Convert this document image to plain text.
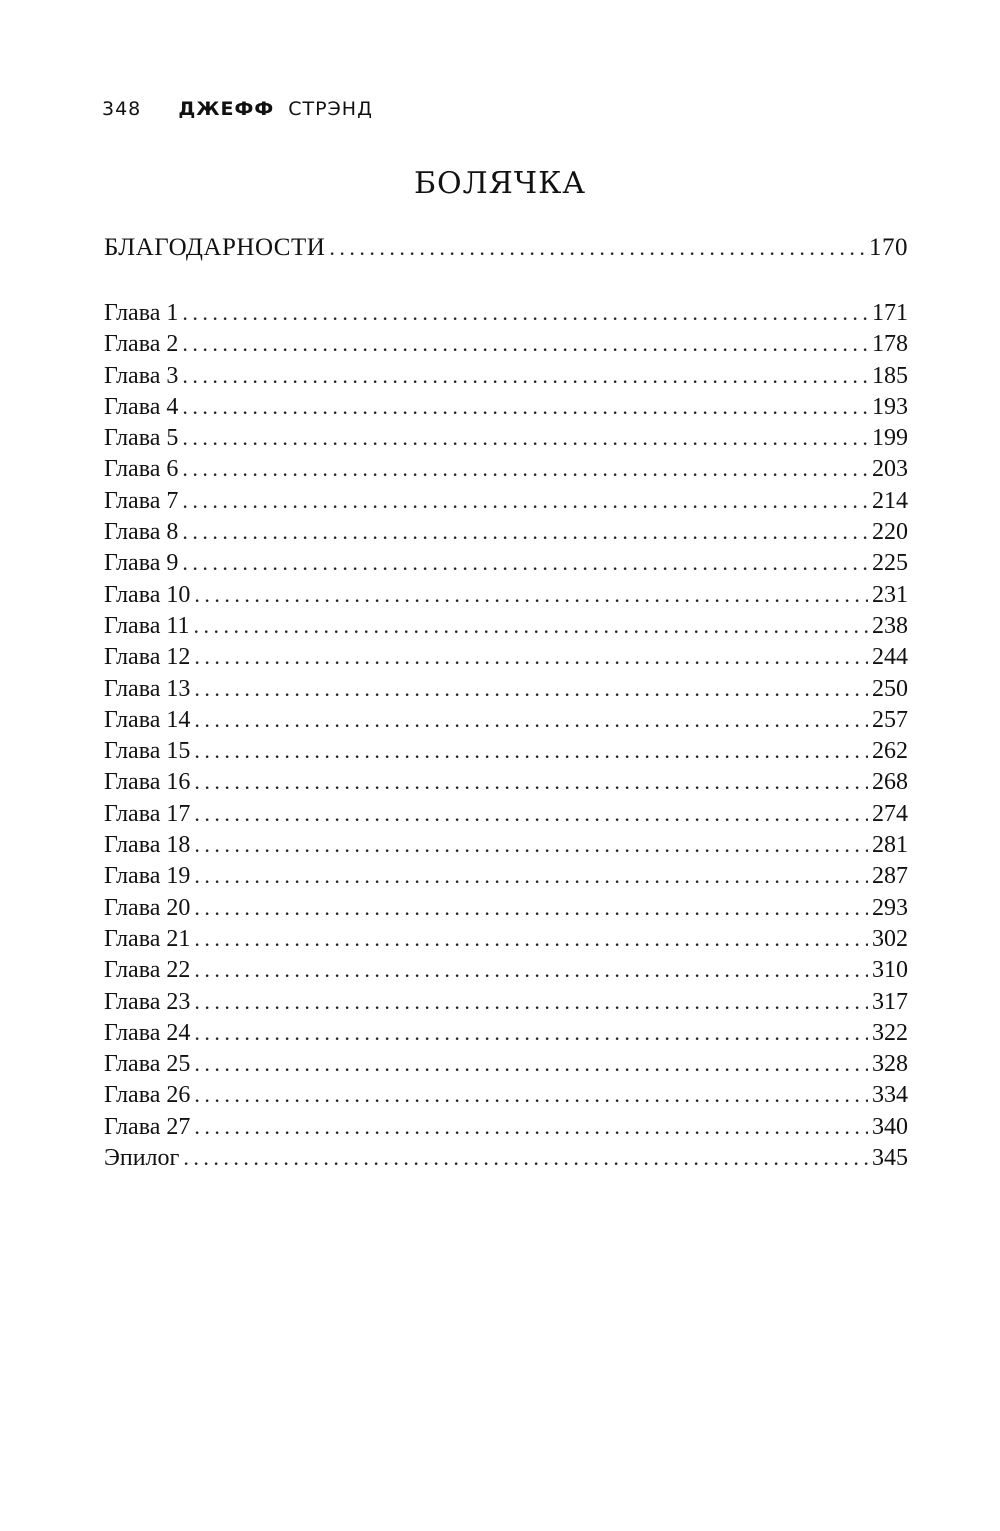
348 ДЖЕФФ СТРЭНД
БОЛЯЧКА
БЛАГОДАРНОСТИ .....	170
Глава 1 .....	171
Глава 2 .....	178
Глава 3 .....	185
Глава 4 .....	193
Глава 5 .....	199
Глава 6 .....	203
Глава 7 .....	214
Глава 8 .....	220
Глава 9 .....	225
Глава 10 .....	231
Глава 11 .....	238
Глава 12 .....	244
Глава 13 .....	250
Глава 14 .....	257
Глава 15 .....	262
Глава 16 .....	268
Глава 17 .....	274
Глава 18 .....	281
Глава 19 .....	287
Глава 20 .....	293
Глава 21 .....	302
Глава 22 .....	310
Глава 23 .....	317
Глава 24 .....	322
Глава 25 .....	328
Глава 26 .....	334
Глава 27 .....	340
Эпилог .....	345
